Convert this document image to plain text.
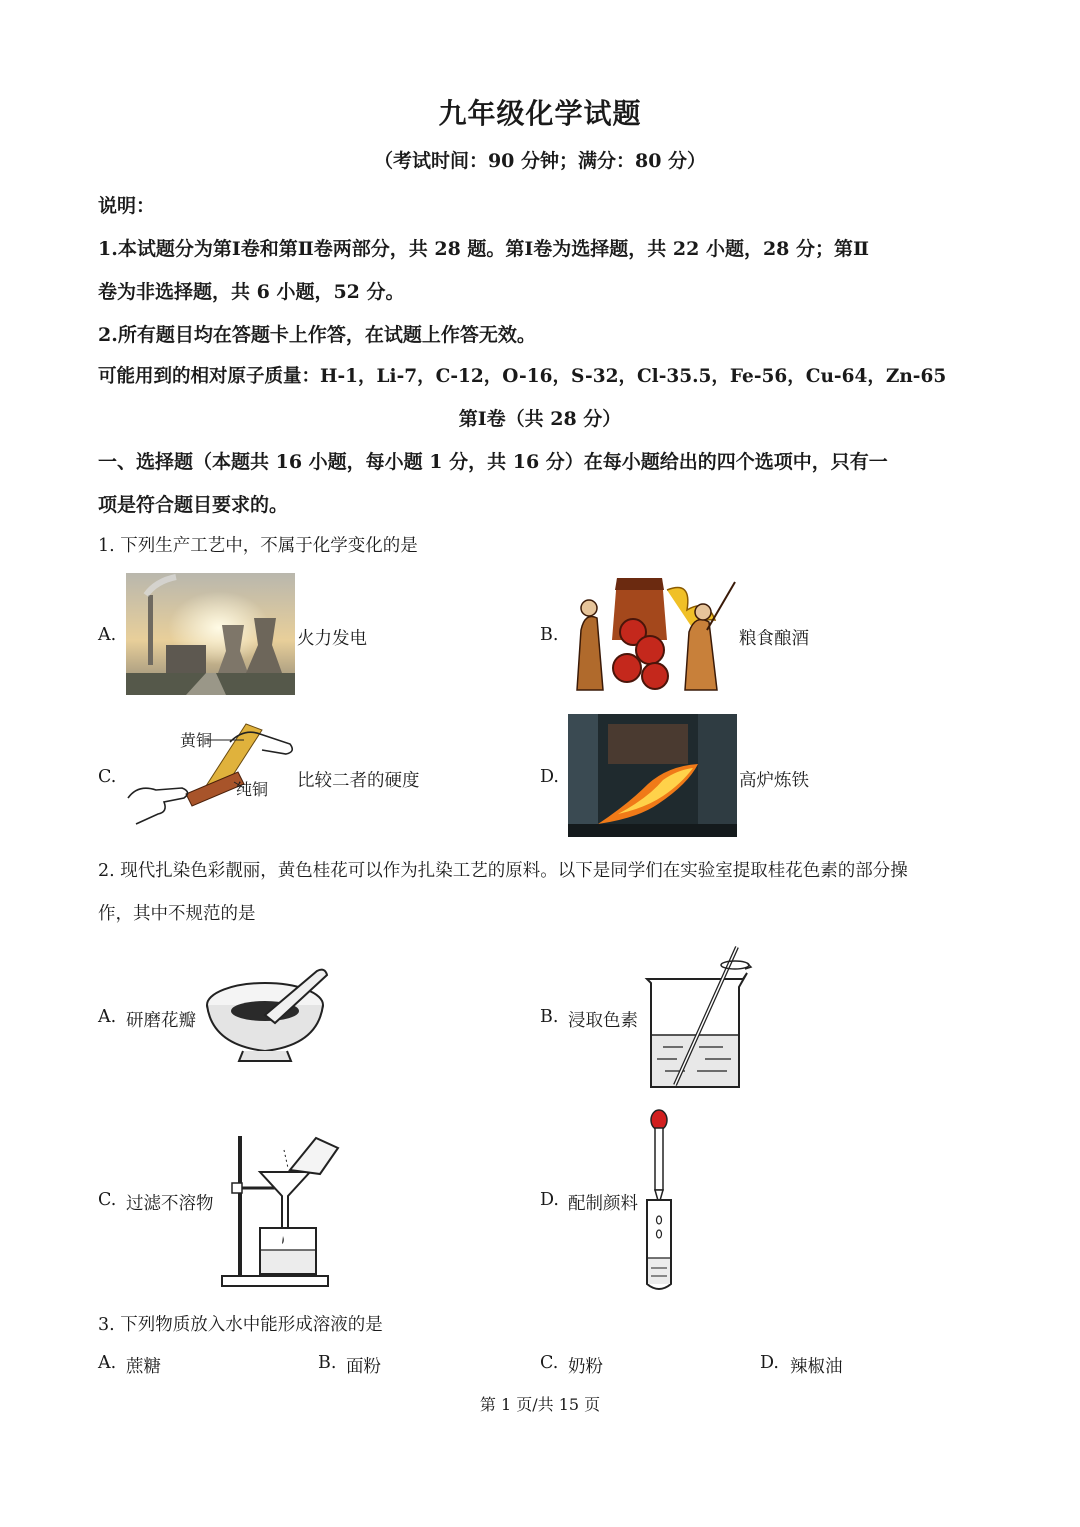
九年级化学试题
（考试时间：90 分钟；满分：80 分）
说明：
1.本试题分为第Ⅰ卷和第Ⅱ卷两部分，共 28 题。第Ⅰ卷为选择题，共 22 小题，28 分；第Ⅱ
卷为非选择题，共 6 小题，52 分。
2.所有题目均在答题卡上作答，在试题上作答无效。
可能用到的相对原子质量：H-1，Li-7，C-12，O-16，S-32，Cl-35.5，Fe-56，Cu-64，Zn-65
第Ⅰ卷（共 28 分）
一、选择题（本题共 16 小题，每小题 1 分，共 16 分）在每小题给出的四个选项中，只有一
项是符合题目要求的。
1. 下列生产工艺中，不属于化学变化的是
A.	火力发电	B.	粮食酿酒
C.
黄铜
纯铜 比较二者的硬度	D.	高炉炼铁
2. 现代扎染色彩靓丽，黄色桂花可以作为扎染工艺的原料。以下是同学们在实验室提取桂花色素的部分操
作，其中不规范的是
A. 研磨花瓣	B. 浸取色素
C. 过滤不溶物	D. 配制颜料
3. 下列物质放入水中能形成溶液的是
A. 蔗糖	B. 面粉	C. 奶粉	D. 辣椒油
第 1 页/共 15 页
